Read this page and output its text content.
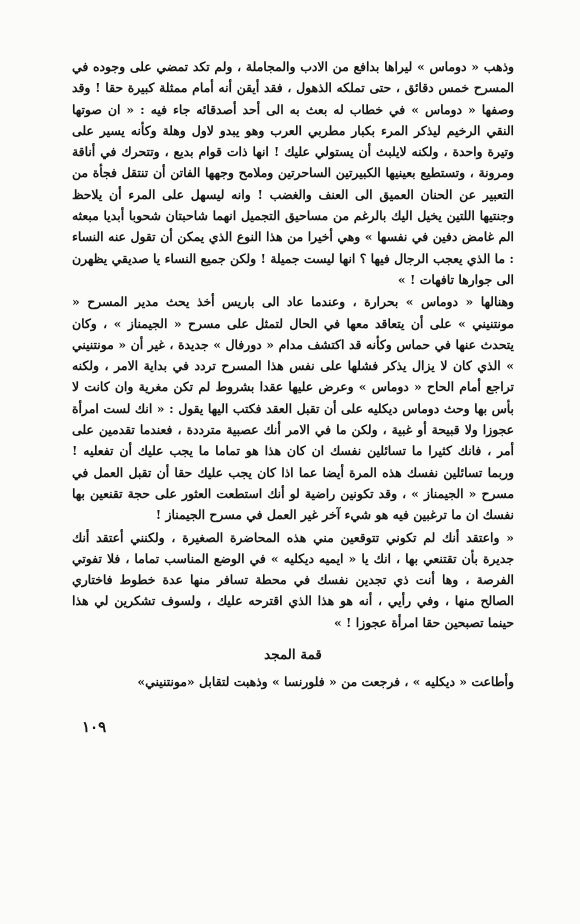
وذهب « دوماس » ليراها بدافع من الادب والمجاملة ، ولم تكد تمضي على وجوده في المسرح خمس دقائق ، حتى تملكه الذهول ، فقد أيقن أنه أمام ممثلة كبيرة حقا ! وقد وصفها « دوماس » في خطاب له بعث به الى أحد أصدقائه جاء فيه : « ان صوتها النقي الرخيم ليذكر المرء بكبار مطربي العرب وهو يبدو لاول وهلة وكأنه يسير على وتيرة واحدة ، ولكنه لايلبث أن يستولي عليك ! انها ذات قوام بديع ، وتتحرك في أناقة ومرونة ، وتستطيع بعينيها الكبيرتين الساحرتين وملامح وجهها الفاتن أن تنتقل فجأة من التعبير عن الحنان العميق الى العنف والغضب ! وانه ليسهل على المرء أن يلاحظ وجنتيها اللتين يخيل اليك بالرغم من مساحيق التجميل انهما شاحبتان شحوبا أبديا مبعثه الم غامض دفين في نفسها » وهي أخيرا من هذا النوع الذي يمكن أن تقول عنه النساء : ما الذي يعجب الرجال فيها ؟ انها ليست جميلة ! ولكن جميع النساء يا صديقي يظهرن الى جوارها تافهات ! »

وهنالها « دوماس » بحرارة ، وعندما عاد الى باريس أخذ يحث مدير المسرح « مونتنيني » على أن يتعاقد معها في الحال لتمثل على مسرح « الجيمناز » ، وكان يتحدث عنها في حماس وكأنه قد اكتشف مدام « دورفال » جديدة ، غير أن « مونتنيني » الذي كان لا يزال يذكر فشلها على نفس هذا المسرح تردد في بداية الامر ، ولكنه تراجع أمام الحاح « دوماس » وعرض عليها عقدا بشروط لم تكن مغرية وان كانت لا بأس بها وحث دوماس ديكليه على أن تقبل العقد فكتب اليها يقول : « انك لست امرأة عجوزا ولا قبيحة أو غبية ، ولكن ما في الامر أنك عصبية مترددة ، فعندما تقدمين على أمر ، فانك كثيرا ما تسائلين نفسك ان كان هذا هو تماما ما يجب عليك أن تفعليه ! وربما تسائلين نفسك هذه المرة أيضا عما اذا كان يجب عليك حقا أن تقبل العمل في مسرح « الجيمناز » ، وقد تكونين راضية لو أنك استطعت العثور على حجة تقنعين بها نفسك ان ما ترغبين فيه هو شيء آخر غير العمل في مسرح الجيمناز !

« واعتقد أنك لم تكوني تتوقعين مني هذه المحاضرة الصغيرة ، ولكنني أعتقد أنك جديرة بأن تقتنعي بها ، انك يا « ايميه ديكليه » في الوضع المناسب تماما ، فلا تفوتي الفرصة ، وها أنت ذي تجدين نفسك في محطة تسافر منها عدة خطوط فاختاري الصالح منها ، وفي رأيي ، أنه هو هذا الذي اقترحه عليك ، ولسوف تشكرين لي هذا حينما تصبحين حقا امرأة عجوزا ! »

قمة المجد

وأطاعت « ديكليه » ، فرجعت من « فلورنسا » وذهبت لتقابل «مونتنيني»

١٠٩
